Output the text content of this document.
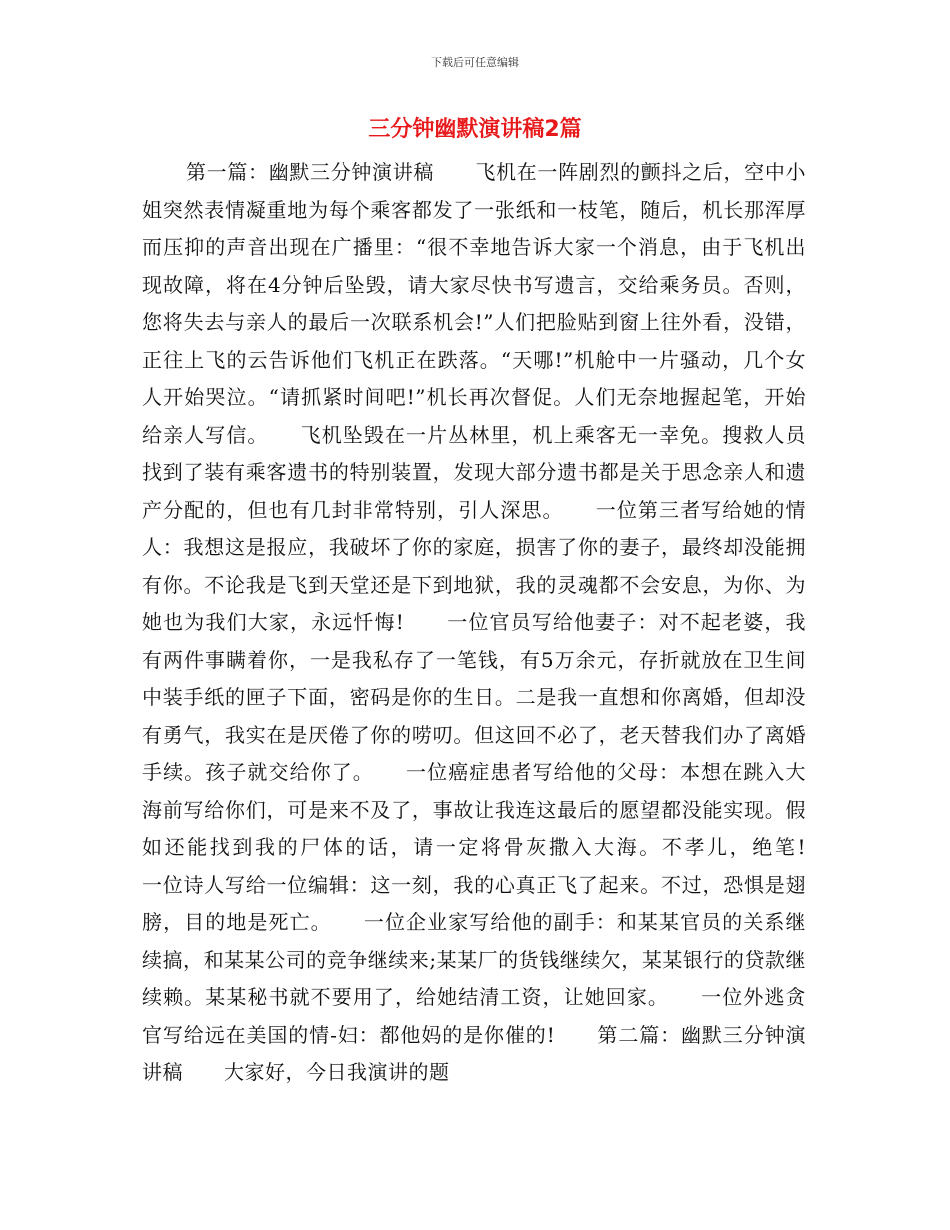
下载后可任意编辑
三分钟幽默演讲稿2篇

第一篇：幽默三分钟演讲稿　　飞机在一阵剧烈的颤抖之后，空中小姐突然表情凝重地为每个乘客都发了一张纸和一枝笔，随后，机长那浑厚而压抑的声音出现在广播里：“很不幸地告诉大家一个消息，由于飞机出现故障，将在4分钟后坠毁，请大家尽快书写遗言，交给乘务员。否则，您将失去与亲人的最后一次联系机会!”人们把脸贴到窗上往外看，没错，正往上飞的云告诉他们飞机正在跌落。“天哪!”机舱中一片骚动，几个女人开始哭泣。“请抓紧时间吧!”机长再次督促。人们无奈地握起笔，开始给亲人写信。　　飞机坠毁在一片丛林里，机上乘客无一幸免。搜救人员找到了装有乘客遗书的特别装置，发现大部分遗书都是关于思念亲人和遗产分配的，但也有几封非常特别，引人深思。　　一位第三者写给她的情人：我想这是报应，我破坏了你的家庭，损害了你的妻子，最终却没能拥有你。不论我是飞到天堂还是下到地狱，我的灵魂都不会安息，为你、为她也为我们大家，永远忏悔!　　一位官员写给他妻子：对不起老婆，我有两件事瞒着你，一是我私存了一笔钱，有5万余元，存折就放在卫生间中装手纸的匣子下面，密码是你的生日。二是我一直想和你离婚，但却没有勇气，我实在是厌倦了你的唠叨。但这回不必了，老天替我们办了离婚手续。孩子就交给你了。　　一位癌症患者写给他的父母：本想在跳入大海前写给你们，可是来不及了，事故让我连这最后的愿望都没能实现。假如还能找到我的尸体的话，请一定将骨灰撒入大海。不孝儿，绝笔!　　一位诗人写给一位编辑：这一刻，我的心真正飞了起来。不过，恐惧是翅膀，目的地是死亡。　　一位企业家写给他的副手：和某某官员的关系继续搞，和某某公司的竞争继续来;某某厂的货钱继续欠，某某银行的贷款继续赖。某某秘书就不要用了，给她结清工资，让她回家。　　一位外逃贪官写给远在美国的情-妇：都他妈的是你催的!　　第二篇：幽默三分钟演讲稿　　大家好，今日我演讲的题
